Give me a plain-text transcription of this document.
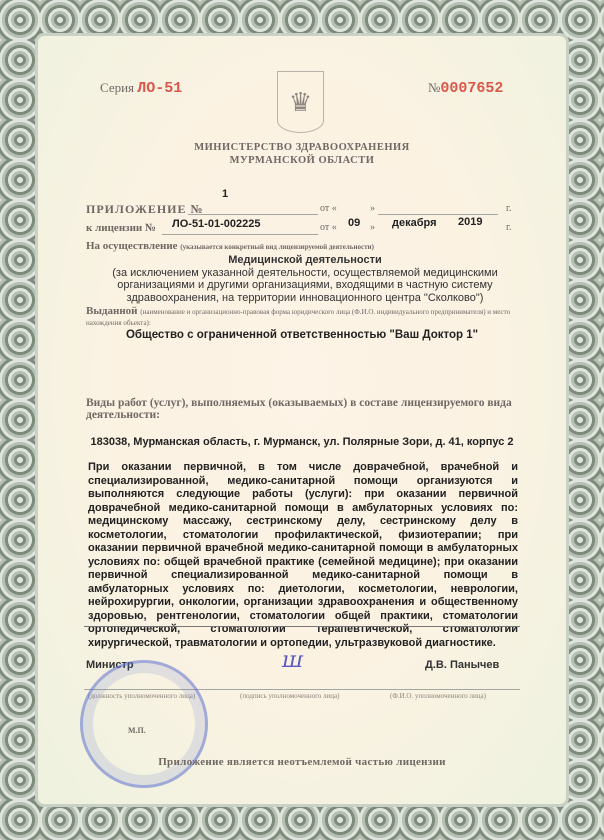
Серия ЛО-51	№0007652
♛
МИНИСТЕРСТВО ЗДРАВООХРАНЕНИЯ
МУРМАНСКОЙ ОБЛАСТИ
ПРИЛОЖЕНИЕ №
1
от «	»	г.
к лицензии № ЛО-51-01-002225	от « 09 » декабря 2019 г.
На осуществление (указывается конкретный вид лицензируемой деятельности)
Медицинской деятельности
(за исключением указанной деятельности, осуществляемой медицинскими организациями и другими организациями, входящими в частную систему здравоохранения, на территории инновационного центра "Сколково")
Выданной (наименование и организационно-правовая форма юридического лица (Ф.И.О. индивидуального предпринимателя) и место нахождения объекта):
Общество с ограниченной ответственностью "Ваш Доктор 1"
Виды работ (услуг), выполняемых (оказываемых) в составе лицензируемого вида деятельности:
183038, Мурманская область, г. Мурманск, ул. Полярные Зори, д. 41, корпус 2
При оказании первичной, в том числе доврачебной, врачебной и специализированной, медико-санитарной помощи организуются и выполняются следующие работы (услуги): при оказании первичной доврачебной медико-санитарной помощи в амбулаторных условиях по: медицинскому массажу, сестринскому делу, сестринскому делу в косметологии, стоматологии профилактической, физиотерапии; при оказании первичной врачебной медико-санитарной помощи в амбулаторных условиях по: общей врачебной практике (семейной медицине); при оказании первичной специализированной медико-санитарной помощи в амбулаторных условиях по: диетологии, косметологии, неврологии, нейрохирургии, онкологии, организации здравоохранения и общественному здоровью, рентгенологии, стоматологии общей практики, стоматологии ортопедической, стоматологии терапевтической, стоматологии хирургической, травматологии и ортопедии, ультразвуковой диагностике.
Министр	ꟺ	Д.В. Панычев
(должность уполномоченного лица)	(подпись уполномоченного лица)	(Ф.И.О. уполномоченного лица)
М.П.
Приложение является неотъемлемой частью лицензии
